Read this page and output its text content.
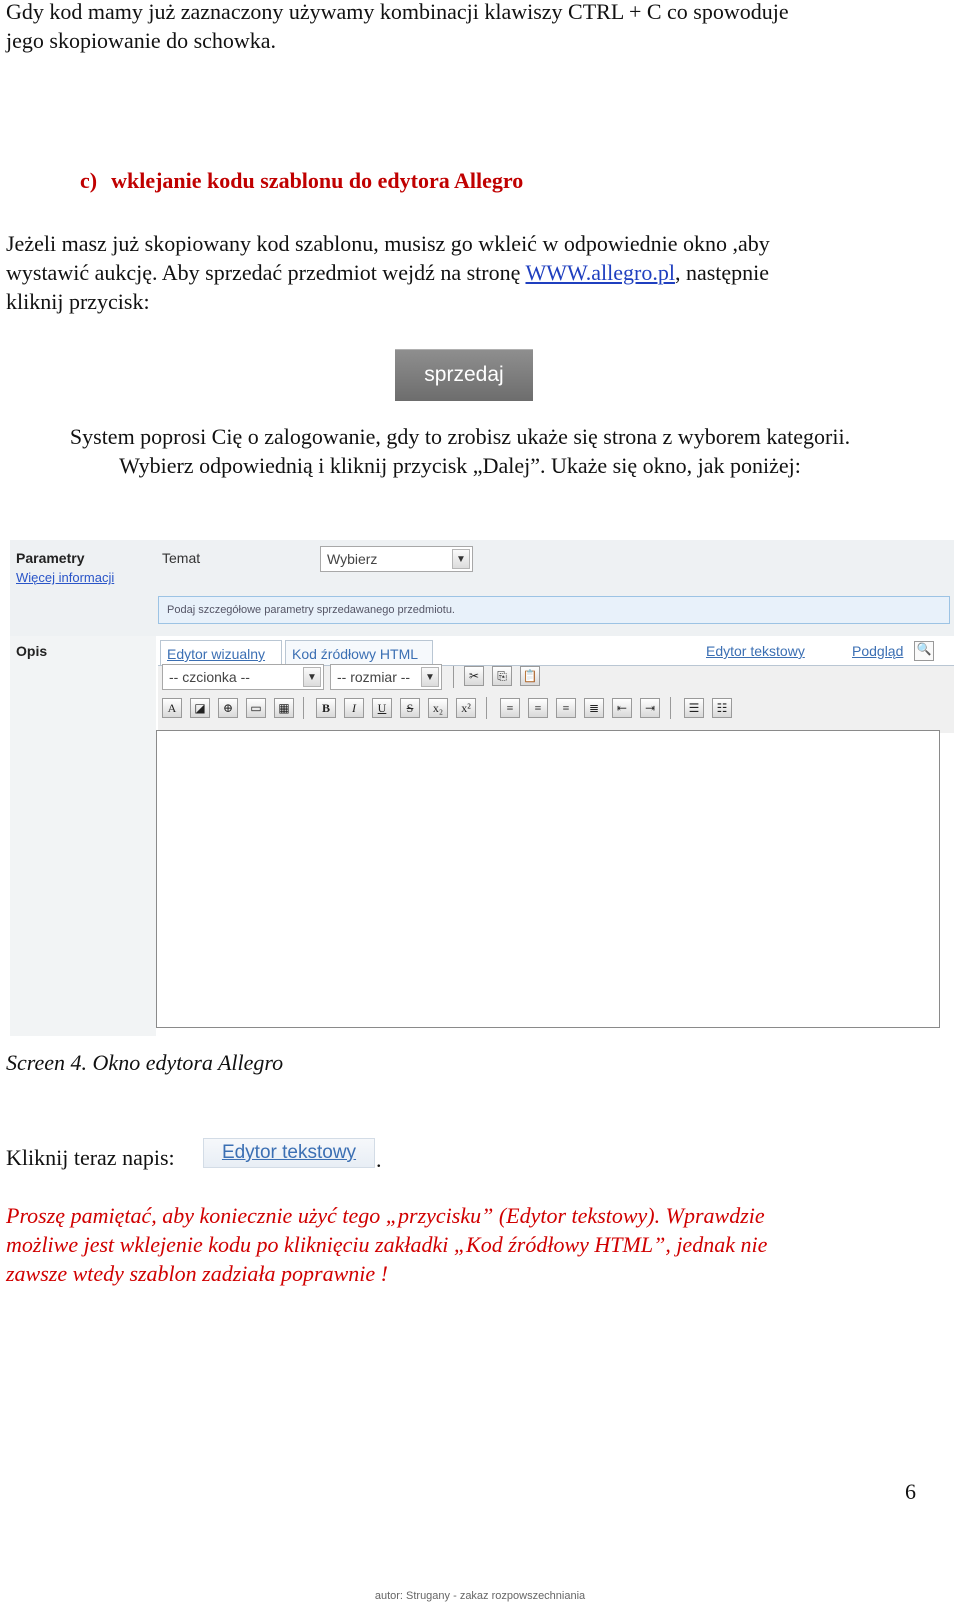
Gdy kod mamy już zaznaczony używamy kombinacji klawiszy CTRL + C co spowoduje

jego skopiowanie do schowka.

c) wklejanie kodu szablonu do edytora Allegro

Jeżeli masz już skopiowany kod szablonu, musisz go wkleić w odpowiednie okno ,aby

wystawić aukcję. Aby sprzedać przedmiot wejdź na stronę WWW.allegro.pl, następnie

kliknij przycisk:

sprzedaj

System poprosi Cię o zalogowanie, gdy to zrobisz ukaże się strona z wyborem kategorii.

Wybierz odpowiednią i kliknij przycisk „Dalej”. Ukaże się okno, jak poniżej:

Parametry
Więcej informacji
Temat	Wybierz	▼
Podaj szczegółowe parametry sprzedawanego przedmiotu.
Opis	Edytor wizualny	Kod źródłowy HTML	Edytor tekstowy	Podgląd 🔍
-- czcionka --	▼ -- rozmiar --	▼	✂	⎘	📋
A	◪	⊕	▭	▦	B	I	U	S	x₂	x²	≡	≡	≡	≣	⇤	⇥	☰	☷
Screen 4. Okno edytora Allegro
Kliknij teraz napis:	Edytor tekstowy .
Proszę pamiętać, aby koniecznie użyć tego „przycisku” (Edytor tekstowy). Wprawdzie
możliwe jest wklejenie kodu po kliknięciu zakładki „Kod źródłowy HTML”, jednak nie
zawsze wtedy szablon zadziała poprawnie !
6
autor: Strugany - zakaz rozpowszechniania
